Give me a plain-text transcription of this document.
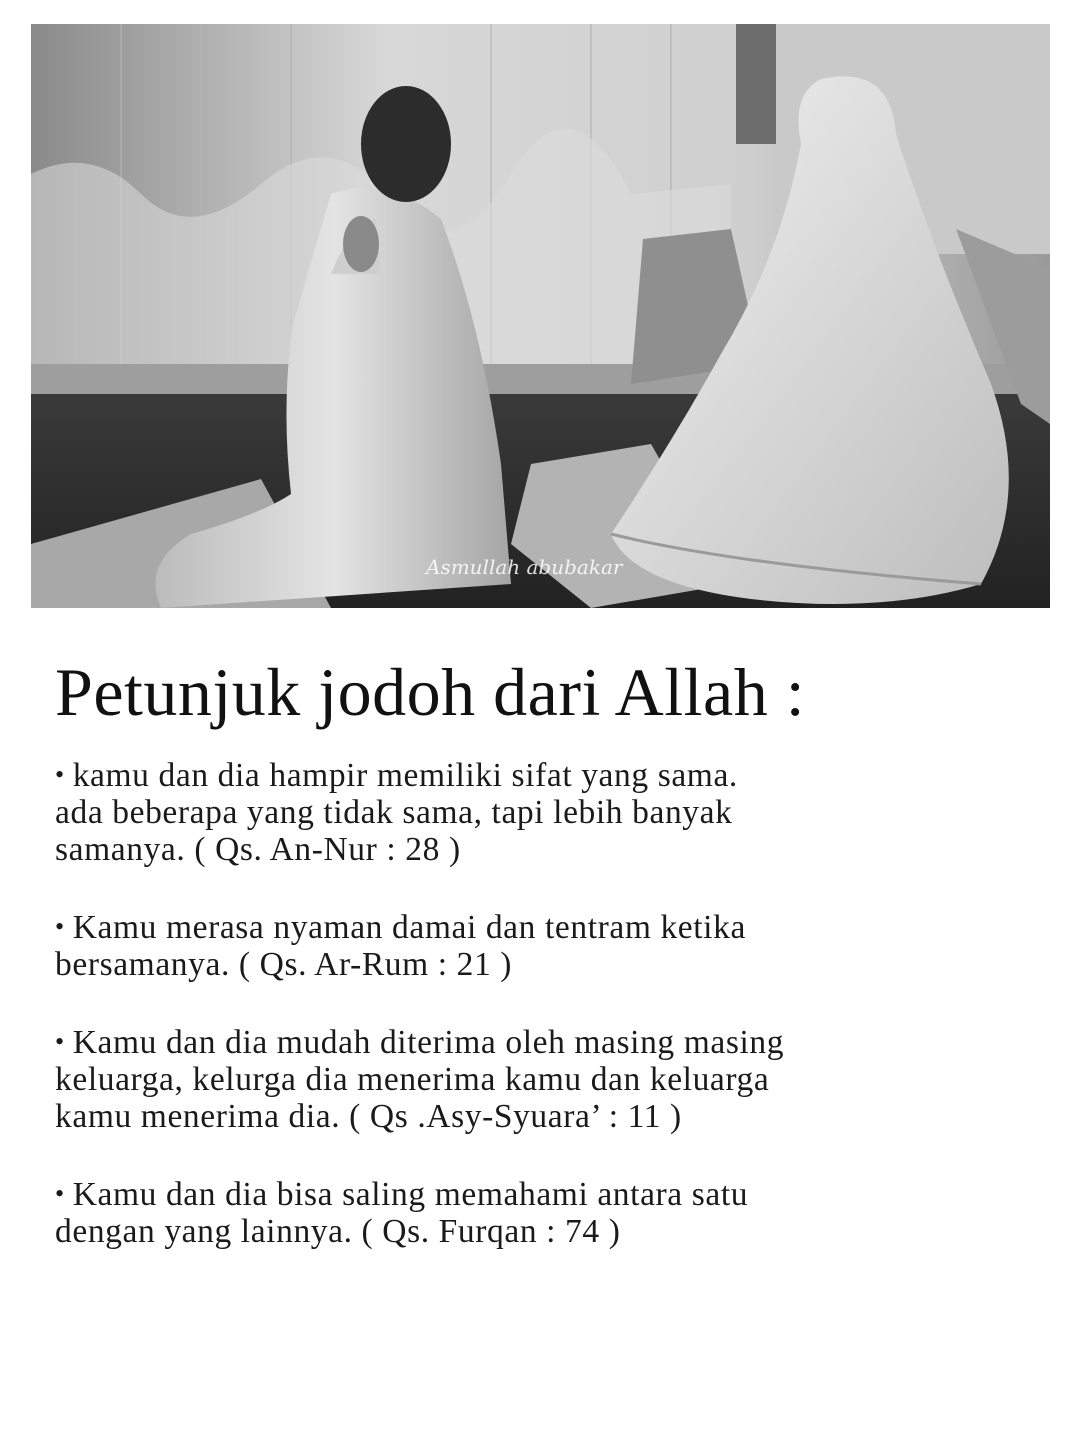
Asmullah abubakar
Petunjuk jodoh dari Allah :
• kamu dan dia hampir memiliki sifat yang sama.
ada beberapa yang tidak sama, tapi lebih banyak
samanya. ( Qs. An-Nur : 28 )
• Kamu merasa nyaman damai dan tentram ketika
bersamanya. ( Qs. Ar-Rum : 21 )
• Kamu dan dia mudah diterima oleh masing masing
keluarga, kelurga dia menerima kamu dan keluarga
kamu menerima dia. ( Qs .Asy-Syuara’ : 11 )
• Kamu dan dia bisa saling memahami antara satu
dengan yang lainnya. ( Qs. Furqan : 74 )
